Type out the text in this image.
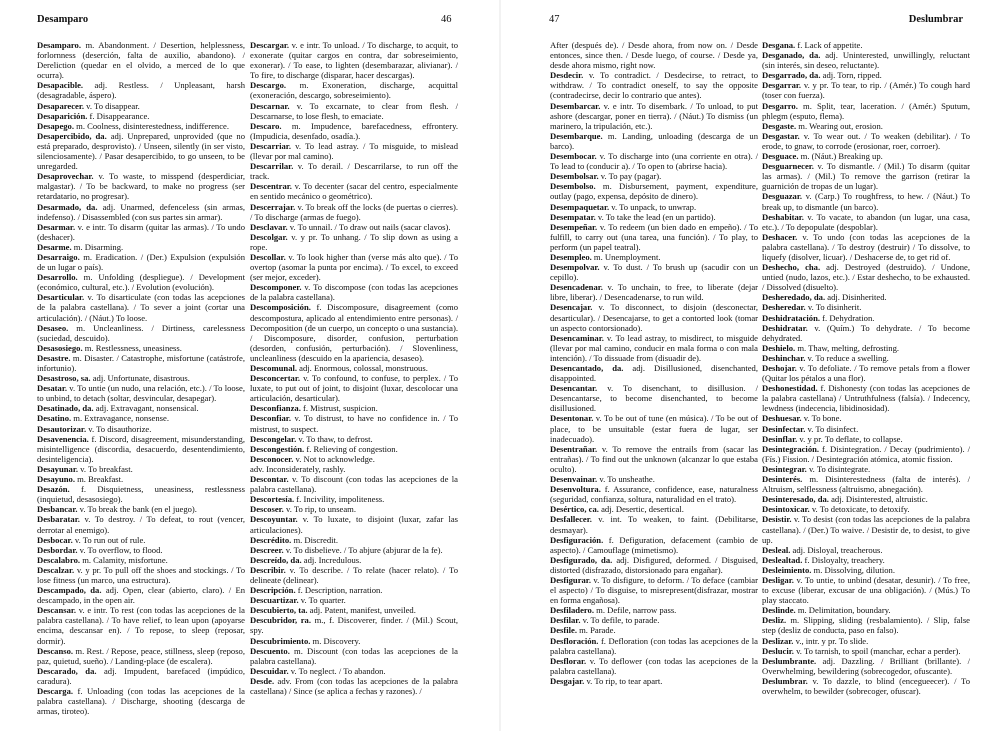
Desamparo	46

Desamparo. m. Abandonment. / Desertion, helplessness, forlornness (deserción, falta de auxilio, abandono). / Dereliction (quedar en el olvido, a merced de lo que ocurra).

Desapacible. adj. Restless. / Unpleasant, harsh (desagradable, áspero).

Desaparecer. v. To disappear.

Desaparición. f. Disappearance.

Desapego. m. Coolness, disinterestedness, indifference.

Desapercibido, da. adj. Unprepared, unprovided (que no está preparado, desprovisto). / Unseen, silently (in ser visto, silenciosamente). / Pasar desapercibido, to go unseen, to be unregarded.

Desaprovechar. v. To waste, to misspend (desperdiciar, malgastar). / To be backward, to make no progress (ser retardatario, no progresar).

Desarmado, da. adj. Unarmed, defenceless (sin armas, indefenso). / Disassembled (con sus partes sin armar).

Desarmar. v. e intr. To disarm (quitar las armas). / To undo (deshacer).

Desarme. m. Disarming.

Desarraigo. m. Eradication. / (Der.) Expulsion (expulsión de un lugar o país).

Desarrollo. m. Unfolding (despliegue). / Development (económico, cultural, etc.). / Evolution (evolución).

Desarticular. v. To disarticulate (con todas las acepciones de la palabra castellana). / To sever a joint (cortar una articulación). / (Náut.) To loose.

Desaseo. m. Uncleanliness. / Dirtiness, carelessness (suciedad, descuido).

Desasosiego. m. Restlessness, uneasiness.

Desastre. m. Disaster. / Catastrophe, misfortune (catástrofe, infortunio).

Desastroso, sa. adj. Unfortunate, disastrous.

Desatar. v. To untie (un nudo, una relación, etc.). / To loose, to unbind, to detach (soltar, desvincular, desapegar).

Desatinado, da. adj. Extravagant, nonsensical.

Desatino. m. Extravagance, nonsense.

Desautorizar. v. To disauthorize.

Desavenencia. f. Discord, disagreement, misunderstanding, misintelligence (discordia, desacuerdo, desentendimiento, desinteligencia).

Desayunar. v. To breakfast.

Desayuno. m. Breakfast.

Desazón. f. Disquietness, uneasiness, restlessness (inquietud, desasosiego).

Desbancar. v. To break the bank (en el juego).

Desbaratar. v. To destroy. / To defeat, to rout (vencer, derrotar al enemigo).

Desbocar. v. To run out of rule.

Desbordar. v. To overflow, to flood.

Descalabro. m. Calamity, misfortune.

Descalzar. v. y pr. To pull off the shoes and stockings. / To lose fitness (un marco, una estructura).

Descampado, da. adj. Open, clear (abierto, claro). / En descampado, in the open air.

Descansar. v. e intr. To rest (con todas las acepciones de la palabra castellana). / To have relief, to lean upon (apoyarse encima, descansar en). / To repose, to sleep (reposar, dormir).

Descanso. m. Rest. / Repose, peace, stillness, sleep (reposo, paz, quietud, sueño). / Landing-place (de escalera).

Descarado, da. adj. Impudent, barefaced (impúdico, caradura).

Descarga. f. Unloading (con todas las acepciones de la palabra castellana). / Discharge, shooting (descarga de armas, tiroteo).

Descargar. v. e intr. To unload. / To discharge, to acquit, to exonerate (quitar cargos en contra, dar sobreseimiento, exonerar). / To ease, to lighten (desembarazar, alivianar). / To fire, to discharge (disparar, hacer descargas).

Descargo. m. Exoneration, discharge, acquittal (exoneración, descargo, sobreseimiento).

Descarnar. v. To excarnate, to clear from flesh. / Descarnarse, to lose flesh, to emaciate.

Descaro. m. Impudence, barefacedness, effrontery. (Impudicia, desenfado, osadía.).

Descarriar. v. To lead astray. / To misguide, to mislead (llevar por mal camino).

Descarrilar. v. To derail. / Descarrilarse, to run off the track.

Descentrar. v. To decenter (sacar del centro, especialmente en sentido mecánico o geométrico).

Descerrajar. v. To break off the locks (de puertas o cierres). / To discharge (armas de fuego).

Desclavar. v. To unnail. / To draw out nails (sacar clavos).

Descolgar. v. y pr. To unhang. / To slip down as using a rope.

Descollar. v. To look higher than (verse más alto que). / To overtop (asomar la punta por encima). / To excel, to exceed (ser mejor, exceder).

Descomponer. v. To discompose (con todas las acepciones de la palabra castellana).

Descomposición. f. Discomposure, disagreement (como descompostura, aplicado al entendimiento entre personas). / Decomposition (de un cuerpo, un concepto o una sustancia). / Discomposure, disorder, confusion, perturbation (desorden, confusión, perturbación). / Slovenliness, uncleanliness (descuido en la apariencia, desaseo).

Descomunal. adj. Enormous, colossal, monstruous.

Desconcertar. v. To confound, to confuse, to perplex. / To luxate, to put out of joint, to disjoint (luxar, descolocar una articulación, desarticular).

Desconfianza. f. Mistrust, suspicion.

Desconfiar. v. To distrust, to have no confidence in. / To mistrust, to suspect.

Descongelar. v. To thaw, to defrost.

Descongestión. f. Relieving of congestion.

Desconocer. v. Not to acknowledge.

adv. Inconsiderately, rashly.

Descontar. v. To discount (con todas las acepciones de la palabra castellana).

Descortesía. f. Incivility, impoliteness.

Descoser. v. To rip, to unseam.

Descoyuntar. v. To luxate, to disjoint (luxar, zafar las articulaciones).

Descrédito. m. Discredit.

Descreer. v. To disbelieve. / To abjure (abjurar de la fe).

Descreído, da. adj. Incredulous.

Describir. v. To describe. / To relate (hacer relato). / To delineate (delinear).

Descripción. f. Description, narration.

Descuartizar. v. To quarter.

Descubierto, ta. adj. Patent, manifest, unveiled.

Descubridor, ra. m., f. Discoverer, finder. / (Mil.) Scout, spy.

Descubrimiento. m. Discovery.

Descuento. m. Discount (con todas las acepciones de la palabra castellana).

Descuidar. v. To neglect. / To abandon.

Desde. adv. From (con todas las acepciones de la palabra castellana) / Since (se aplica a fechas y razones). /

47	Deslumbrar

After (después de). / Desde ahora, from now on. / Desde entonces, since then. / Desde luego, of course. / Desde ya, desde ahora mismo, right now.

Desdecir. v. To contradict. / Desdecirse, to retract, to withdraw. / To contradict oneself, to say the opposite (contradecirse, decir lo contrario que antes).

Desembarcar. v. e intr. To disembark. / To unload, to put ashore (descargar, poner en tierra). / (Náut.) To dismiss (un marinero, la tripulación, etc.).

Desembarque. m. Landing, unloading (descarga de un barco).

Desembocar. v. To discharge into (una corriente en otra). / To lead to (conducir a). / To open to (abrirse hacia).

Desembolsar. v. To pay (pagar).

Desembolso. m. Disbursement, payment, expenditure, outlay (pago, expensa, depósito de dinero).

Desempaquetar. v. To unpack, to unwrap.

Desempatar. v. To take the lead (en un partido).

Desempeñar. v. To redeem (un bien dado en empeño). / To fulfill, to carry out (una tarea, una función). / To play, to perform (un papel teatral).

Desempleo. m. Unemployment.

Desempolvar. v. To dust. / To brush up (sacudir con un cepillo).

Desencadenar. v. To unchain, to free, to liberate (dejar libre, liberar). / Desencadenarse, to run wild.

Desencajar. v. To disconnect, to disjoin (desconectar, desarticular). / Desencajarse, to get a contorted look (tomar un aspecto contorsionado).

Desencaminar. v. To lead astray, to misdirect, to misguide (llevar por mal camino, conducir en mala forma o con mala intención). / To dissuade from (disuadir de).

Desencantado, da. adj. Disillusioned, disenchanted, disappointed.

Desencantar. v. To disenchant, to disillusion. / Desencantarse, to become disenchanted, to become disillusioned.

Desentonar. v. To be out of tune (en música). / To be out of place, to be unsuitable (estar fuera de lugar, ser inadecuado).

Desentrañar. v. To remove the entrails from (sacar las entrañas). / To find out the unknown (alcanzar lo que estaba oculto).

Desenvainar. v. To unsheathe.

Desenvoltura. f. Assurance, confidence, ease, naturalness (seguridad, confianza, soltura, naturalidad en el trato).

Desértico, ca. adj. Desertic, desertical.

Desfallecer. v. int. To weaken, to faint. (Debilitarse, desmayar).

Desfiguración. f. Defiguration, defacement (cambio de aspecto). / Camouflage (mimetismo).

Desfigurado, da. adj. Disfigured, deformed. / Disguised, distorted (disfrazado, distorsionado para engañar).

Desfigurar. v. To disfigure, to deform. / To deface (cambiar el aspecto) / To disguise, to misrepresent(disfrazar, mostrar en forma engañosa).

Desfiladero. m. Defile, narrow pass.

Desfilar. v. To defile, to parade.

Desfile. m. Parade.

Desfloración. f. Defloration (con todas las acepciones de la palabra castellana).

Desflorar. v. To deflower (con todas las acepciones de la palabra castellana).

Desgajar. v. To rip, to tear apart.

Desgana. f. Lack of appetite.

Desganado, da. adj. Uninterested, unwillingly, reluctant (sin interés, sin deseo, reluctante).

Desgarrado, da. adj. Torn, ripped.

Desgarrar. v. y pr. To tear, to rip. / (Amér.) To cough hard (toser con fuerza).

Desgarro. m. Split, tear, laceration. / (Amér.) Sputum, phlegm (esputo, flema).

Desgaste. m. Wearing out, erosion.

Desgastar. v. To wear out. / To weaken (debilitar). / To erode, to gnaw, to corrode (erosionar, roer, corroer).

Desguace. m. (Náut.) Breaking up.

Desguarnecer. v. To dismantle. / (Mil.) To disarm (quitar las armas). / (Mil.) To remove the garrison (retirar la guarnición de tropas de un lugar).

Desguazar. v. (Carp.) To roughfress, to hew. / (Náut.) To break up, to dismantle (un barco).

Deshabitar. v. To vacate, to abandon (un lugar, una casa, etc.). / To depopulate (despoblar).

Deshacer. v. To undo (con todas las acepciones de la palabra castellana). / To destroy (destruir) / To dissolve, to liquefy (disolver, licuar). / Deshacerse de, to get rid of.

Deshecho, cha. adj. Destroyed (destruido). / Undone, untied (nudo, lazos, etc.). / Estar deshecho, to be exhausted. / Dissolved (disuelto).

Desheredado, da. adj. Disinherited.

Desheredar. v. To disinherit.

Deshidratación. f. Dehydration.

Deshidratar. v. (Quím.) To dehydrate. / To become dehydrated.

Deshielo. m. Thaw, melting, defrosting.

Deshinchar. v. To reduce a swelling.

Deshojar. v. To defoliate. / To remove petals from a flower (Quitar los pétalos a una flor).

Deshonestidad. f. Dishonesty (con todas las acepciones de la palabra castellana) / Untruthfulness (falsía). / Indecency, lewdness (indecencia, libidinosidad).

Deshuesar. v. To bone.

Desinfectar. v. To disinfect.

Desinflar. v. y pr. To deflate, to collapse.

Desintegración. f. Disintegration. / Decay (pudrimiento). / (Fís.) Fission. / Desintegración atómica, atomic fission.

Desintegrar. v. To disintegrate.

Desinterés. m. Disinterestedness (falta de interés). / Altruism, selflessness (altruismo, abnegación).

Desinteresado, da. adj. Disinterested, altruistic.

Desintoxicar. v. To detoxicate, to detoxify.

Desistir. v. To desist (con todas las acepciones de la palabra castellana). / (Der.) To waive. / Desistir de, to desist, to give up.

Desleal. adj. Disloyal, treacherous.

Deslealtad. f. Disloyalty, treachery.

Desleimiento. m. Dissolving, dilution.

Desligar. v. To untie, to unbind (desatar, desunir). / To free, to excuse (liberar, excusar de una obligación). / (Mús.) To play staccato.

Deslinde. m. Delimitation, boundary.

Desliz. m. Slipping, sliding (resbalamiento). / Slip, false step (desliz de conducta, paso en falso).

Deslizar. v., intr. y pr. To slide.

Deslucir. v. To tarnish, to spoil (manchar, echar a perder).

Deslumbrante. adj. Dazzling. / Brilliant (brillante). / Overwhelming, bewildering (sobrecogedor, ofuscante).

Deslumbrar. v. To dazzle, to blind (encegueecer). / To overwhelm, to bewilder (sobrecoger, ofuscar).
